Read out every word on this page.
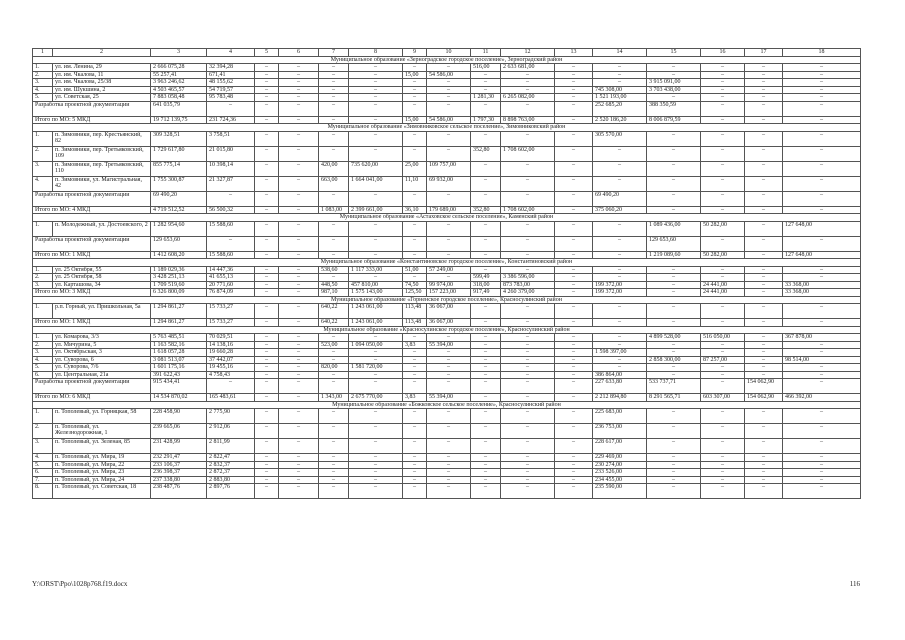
1	2	3	4	5	6	7	8	9	10	11	12	13	14	15	16	17	18
Муниципальное образование «Зерноградское городское поселение», Зерноградский район																	
1.	ул. им. Ленина, 29	2 666 075,28	32 394,28	–	–	–	–	–	–	516,00	2 633 681,00	–	–	–	–	–	–
2.	ул. им. Чкалова, 11	55 257,41	671,41	–	–	–	–	15,00	54 586,00	–	–	–	–	–	–	–	–
3.	ул. им. Чкалова, 25/38	3 963 246,62	48 155,62	–	–	–	–	–	–	–	–	–	–	3 915 091,00	–	–	–
4.	ул. им. Шукшина, 2	4 503 465,57	54 719,57	–	–	–	–	–	–	–	–	–	745 308,00	3 703 438,00	–	–	–
5.	ул. Советская, 25	7 883 058,48	95 783,48	–	–	–	–	–	–	1 281,30	6 265 082,00	–	1 521 193,00	–	–	–	–
Разработка проектной документации		641 035,79	–	–	–	–	–	–	–	–	–	–	252 685,20	388 350,59	–	–	–
Итого по МО: 5 МКД		19 712 139,75	231 724,36	–	–	–	–	15,00	54 586,00	1 797,30	8 898 763,00	–	2 520 186,20	8 006 879,59	–	–	–
Муниципальное образование «Зимовниковское сельское поселение», Зимовниковский район																	
1.	п. Зимовники, пер. Крестьянский, 82	309 328,51	3 758,51	–	–	–	–	–	–	–	–	–	305 570,00	–	–	–	–
2.	п. Зимовники, пер. Третьяковский, 109	1 729 617,80	21 015,80	–	–	–	–	–	–	352,80	1 708 602,00	–	–	–	–	–	–
3.	п. Зимовники, пер. Третьяковский, 110	855 775,14	10 398,14	–	–	420,00	735 620,00	25,00	109 757,00	–	–	–	–	–	–	–	–
4.	п. Зимовники, ул. Магистральная, 42	1 755 300,87	21 327,87	–	–	663,00	1 664 041,00	11,10	69 932,00	–	–	–	–	–	–	–	–
Разработка проектной документации		69 490,20	–	–	–	–	–	–	–	–	–	–	69 490,20	–	–	–	–
Итого по МО: 4 МКД		4 719 512,52	56 500,32	–	–	1 083,00	2 399 661,00	36,10	179 689,00	352,80	1 708 602,00	–	375 060,20	–	–	–	–
Муниципальное образование «Астаховское сельское поселение», Каменский район																	
1.	п. Молодежный, ул. Достоевского, 2	1 282 954,60	15 588,60	–	–	–	–	–	–	–	–	–	–	1 089 436,00	50 282,00	–	127 648,00
Разработка проектной документации		129 653,60	–	–	–	–	–	–	–	–	–	–	–	129 653,60	–	–	–
Итого по МО: 1 МКД		1 412 608,20	15 588,60	–	–	–	–	–	–	–	–	–	–	1 219 089,60	50 282,00	–	127 648,00
Муниципальное образование «Константиновское городское поселение», Константиновский район																	
1.	ул. 25 Октября, 55	1 189 029,36	14 447,36	–	–	538,60	1 117 333,00	51,00	57 249,00	–	–	–	–	–	–	–	–
2.	ул. 25 Октября, 58	3 428 251,13	41 655,13	–	–	–	–	–	–	599,49	3 386 596,00	–	–	–	–	–	–
3.	ул. Карташова, 34	1 709 519,60	20 771,60	–	–	448,50	457 810,00	74,50	99 974,00	318,00	873 783,00	–	199 372,00	–	24 441,00	–	33 368,00
Итого по МО: 3 МКД		6 326 800,09	76 874,09	–	–	987,10	1 575 143,00	125,50	157 223,00	917,49	4 260 379,00	–	199 372,00	–	24 441,00	–	33 368,00
Муниципальное образование «Горненское городское поселение», Красносулинский район																	
1.	р.п. Горный, ул. Пришкольная, 5а	1 294 861,27	15 733,27	–	–	640,22	1 243 061,00	113,48	36 067,00	–	–	–	–	–	–	–	–
Итого по МО: 1 МКД		1 294 861,27	15 733,27	–	–	640,22	1 243 061,00	113,48	36 067,00	–	–	–	–	–	–	–	–
Муниципальное образование «Красносулинское городское поселение», Красносулинский район																	
1.	ул. Комарова, 3/3	5 763 485,51	70 029,51	–	–	–	–	–	–	–	–	–	–	4 899 528,00	516 050,00	–	367 878,00
2.	ул. Мичурина, 5	1 163 582,16	14 138,16	–	–	523,00	1 094 050,00	3,83	55 394,00	–	–	–	–	–	–	–	–
3.	ул. Октябрьская, 3	1 618 057,28	19 660,28	–	–	–	–	–	–	–	–	–	1 598 397,00	–	–	–	–
4.	ул. Суворова, 6	3 081 513,07	37 442,07	–	–	–	–	–	–	–	–	–	–	2 858 300,00	87 257,00	–	98 514,00
5.	ул. Суворова, 7/6	1 601 175,16	19 455,16	–	–	820,00	1 581 720,00	–	–	–	–	–	–	–	–	–	–
6.	ул. Центральная, 21а	391 622,43	4 758,43	–	–	–	–	–	–	–	–	–	386 864,00	–	–	–	–
Разработка проектной документации		915 434,41	–	–	–	–	–	–	–	–	–	–	227 633,80	533 737,71	–	154 062,90	–
Итого по МО: 6 МКД		14 534 870,02	165 483,61	–	–	1 343,00	2 675 770,00	3,83	55 394,00	–	–	–	2 212 894,80	8 291 565,71	603 307,00	154 062,90	466 392,00
Муниципальное образование «Божковское сельское поселение», Красносулинский район																	
1.	п. Тополевый, ул. Горняцкая, 58	228 458,90	2 775,90	–	–	–	–	–	–	–	–	–	225 683,00	–	–	–	–
2.	п. Тополевый, ул. Железнодорожная, 1	239 665,06	2 912,06	–	–	–	–	–	–	–	–	–	236 753,00	–	–	–	–
3.	п. Тополевый, ул. Зеленая, 85	231 428,99	2 811,99	–	–	–	–	–	–	–	–	–	228 617,00	–	–	–	–
4.	п. Тополевый, ул. Мира, 19	232 291,47	2 822,47	–	–	–	–	–	–	–	–	–	229 469,00	–	–	–	–
5.	п. Тополевый, ул. Мира, 22	233 106,37	2 832,37	–	–	–	–	–	–	–	–	–	230 274,00	–	–	–	–
6.	п. Тополевый, ул. Мира, 23	236 398,37	2 872,37	–	–	–	–	–	–	–	–	–	233 526,00	–	–	–	–
7.	п. Тополевый, ул. Мира, 24	237 338,80	2 883,80	–	–	–	–	–	–	–	–	–	234 455,00	–	–	–	–
8.	п. Тополевый, ул. Советская, 18	238 487,76	2 897,76	–	–	–	–	–	–	–	–	–	235 590,00	–	–	–	–
Y:\ORST\Ppo\1028p768.f19.docx	116
